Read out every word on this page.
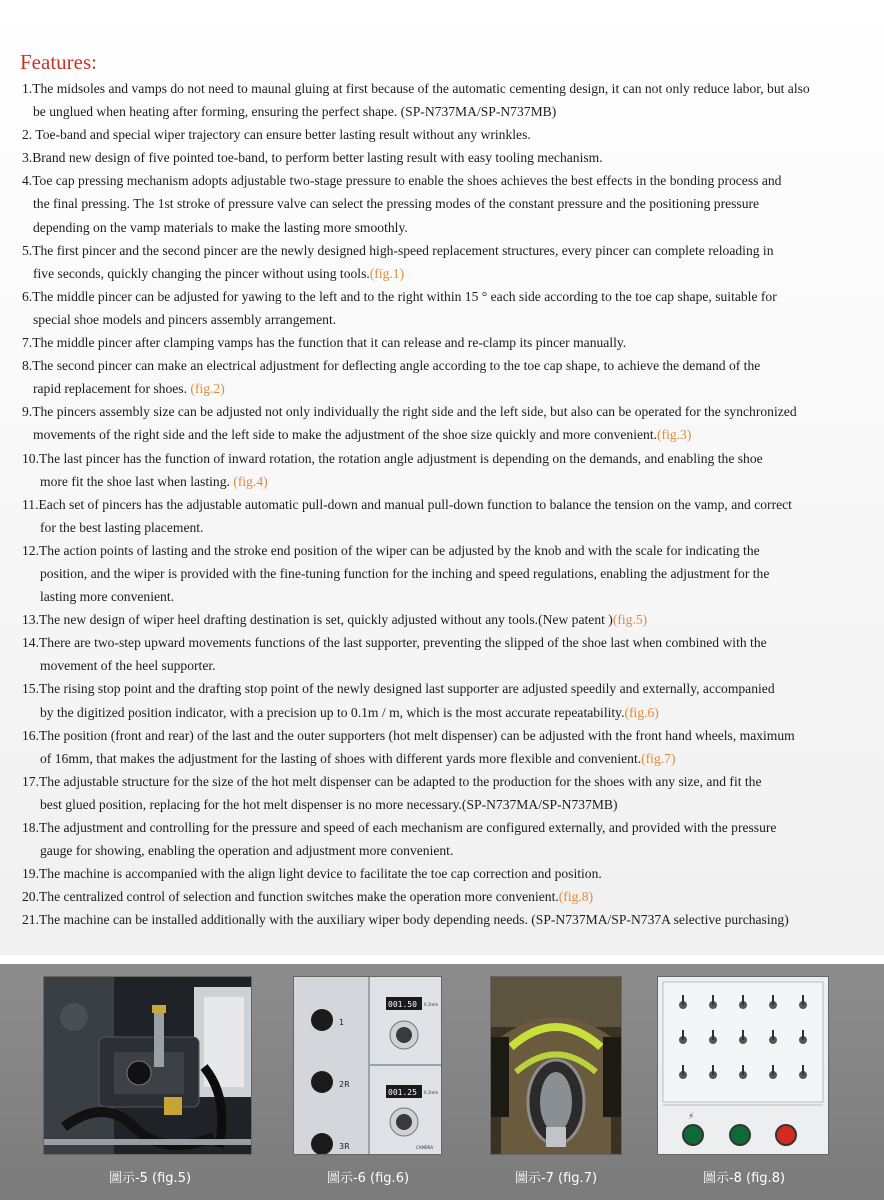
Features:
1.The midsoles and vamps do not need to maunal gluing at first because of the automatic cementing design, it can not only reduce labor, but also
be unglued when heating after forming, ensuring the perfect shape. (SP-N737MA/SP-N737MB)
2. Toe-band and special wiper trajectory can ensure better lasting result without any wrinkles.
3.Brand new design of five pointed toe-band, to perform better lasting result with easy tooling mechanism.
4.Toe cap pressing mechanism adopts adjustable two-stage pressure to enable the shoes achieves the best effects in the bonding process and
the final pressing. The 1st stroke of pressure valve can select the pressing modes of the constant pressure and the positioning pressure
depending on the vamp materials to make the lasting more smoothly.
5.The first pincer and the second pincer are the newly designed high-speed replacement structures, every pincer can complete reloading in
five seconds, quickly changing the pincer without using tools.(fig.1)
6.The middle pincer can be adjusted for yawing to the left and to the right within 15 ° each side according to the toe cap shape, suitable for
special shoe models and pincers assembly arrangement.
7.The middle pincer after clamping vamps has the function that it can release and re-clamp its pincer manually.
8.The second pincer can make an electrical adjustment for deflecting angle according to the toe cap shape, to achieve the demand of the
rapid replacement for shoes. (fig.2)
9.The pincers assembly size can be adjusted not only individually the right side and the left side, but also can be operated for the synchronized
movements of the right side and the left side to make the adjustment of the shoe size quickly and more convenient.(fig.3)
10.The last pincer has the function of inward rotation, the rotation angle adjustment is depending on the demands, and enabling the shoe
more fit the shoe last when lasting. (fig.4)
11.Each set of pincers has the adjustable automatic pull-down and manual pull-down function to balance the tension on the vamp, and correct
for the best lasting placement.
12.The action points of lasting and the stroke end position of the wiper can be adjusted by the knob and with the scale for indicating the
position, and the wiper is provided with the fine-tuning function for the inching and speed regulations, enabling the adjustment for the
lasting more convenient.
13.The new design of wiper heel drafting destination is set, quickly adjusted without any tools.(New patent )(fig.5)
14.There are two-step upward movements functions of the last supporter, preventing the slipped of the shoe last when combined with the
movement of the heel supporter.
15.The rising stop point and the drafting stop point of the newly designed last supporter are adjusted speedily and externally, accompanied
by the digitized position indicator, with a precision up to 0.1m / m, which is the most accurate repeatability.(fig.6)
16.The position (front and rear) of the last and the outer supporters (hot melt dispenser) can be adjusted with the front hand wheels, maximum
of 16mm, that makes the adjustment for the lasting of shoes with different yards more flexible and convenient.(fig.7)
17.The adjustable structure for the size of the hot melt dispenser can be adapted to the production for the shoes with any size, and fit the
best glued position, replacing for the hot melt dispenser is no more necessary.(SP-N737MA/SP-N737MB)
18.The adjustment and controlling for the pressure and speed of each mechanism are configured externally, and provided with the pressure
gauge for showing, enabling the operation and adjustment more convenient.
19.The machine is accompanied with the align light device to facilitate the toe cap correction and position.
20.The centralized control of selection and function switches make the operation more convenient.(fig.8)
21.The machine can be installed additionally with the auxiliary wiper body depending needs. (SP-N737MA/SP-N737A selective purchasing)
1
2R
3R
001.50 0.1mm
001.25 0.1mm
CAMBRA
⚡
圖示-5 (fig.5)	圖示-6 (fig.6)	圖示-7 (fig.7)	圖示-8 (fig.8)
